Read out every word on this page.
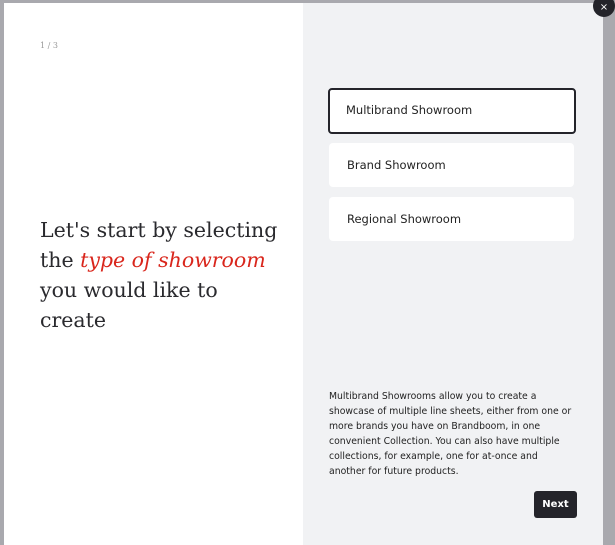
1 / 3
Let's start by selecting the type of showroom you would like to create
Multibrand Showroom
Brand Showroom
Regional Showroom
Multibrand Showrooms allow you to create a showcase of multiple line sheets, either from one or more brands you have on Brandboom, in one convenient Collection. You can also have multiple collections, for example, one for at-once and another for future products.
Next
×
